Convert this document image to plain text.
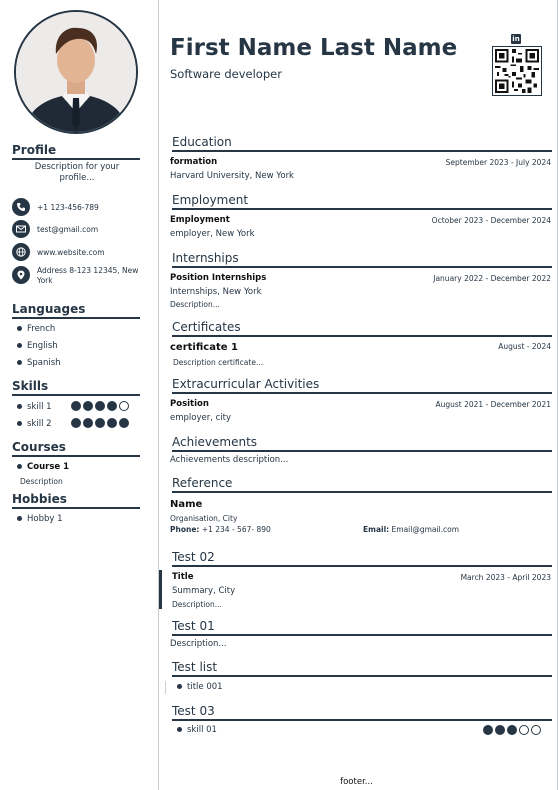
Profile
Description for your profile...
+1 123-456-789
test@gmail.com
www.website.com
Address 8-123 12345, New York
Languages
French
English
Spanish
Skills
skill 1
skill 2
Courses
Course 1
Description
Hobbies
Hobby 1
First Name Last Name
Software developer
in
Education
formation	September 2023 - July 2024
Harvard University, New York
Employment
Employment	October 2023 - December 2024
employer, New York
Internships
Position Internships	January 2022 - December 2022
Internships, New York
Description...
Certificates
certificate 1	August - 2024
Description certificate...
Extracurricular Activities
Position	August 2021 - December 2021
employer, city
Achievements
Achievements description...
Reference
Name
Organisation, City
Phone: +1 234 - 567- 890	Email: Email@gmail.com
Test 02
Title	March 2023 - April 2023
Summary, City
Description...
Test 01
Description...
Test list
title 001
Test 03
skill 01
footer...
